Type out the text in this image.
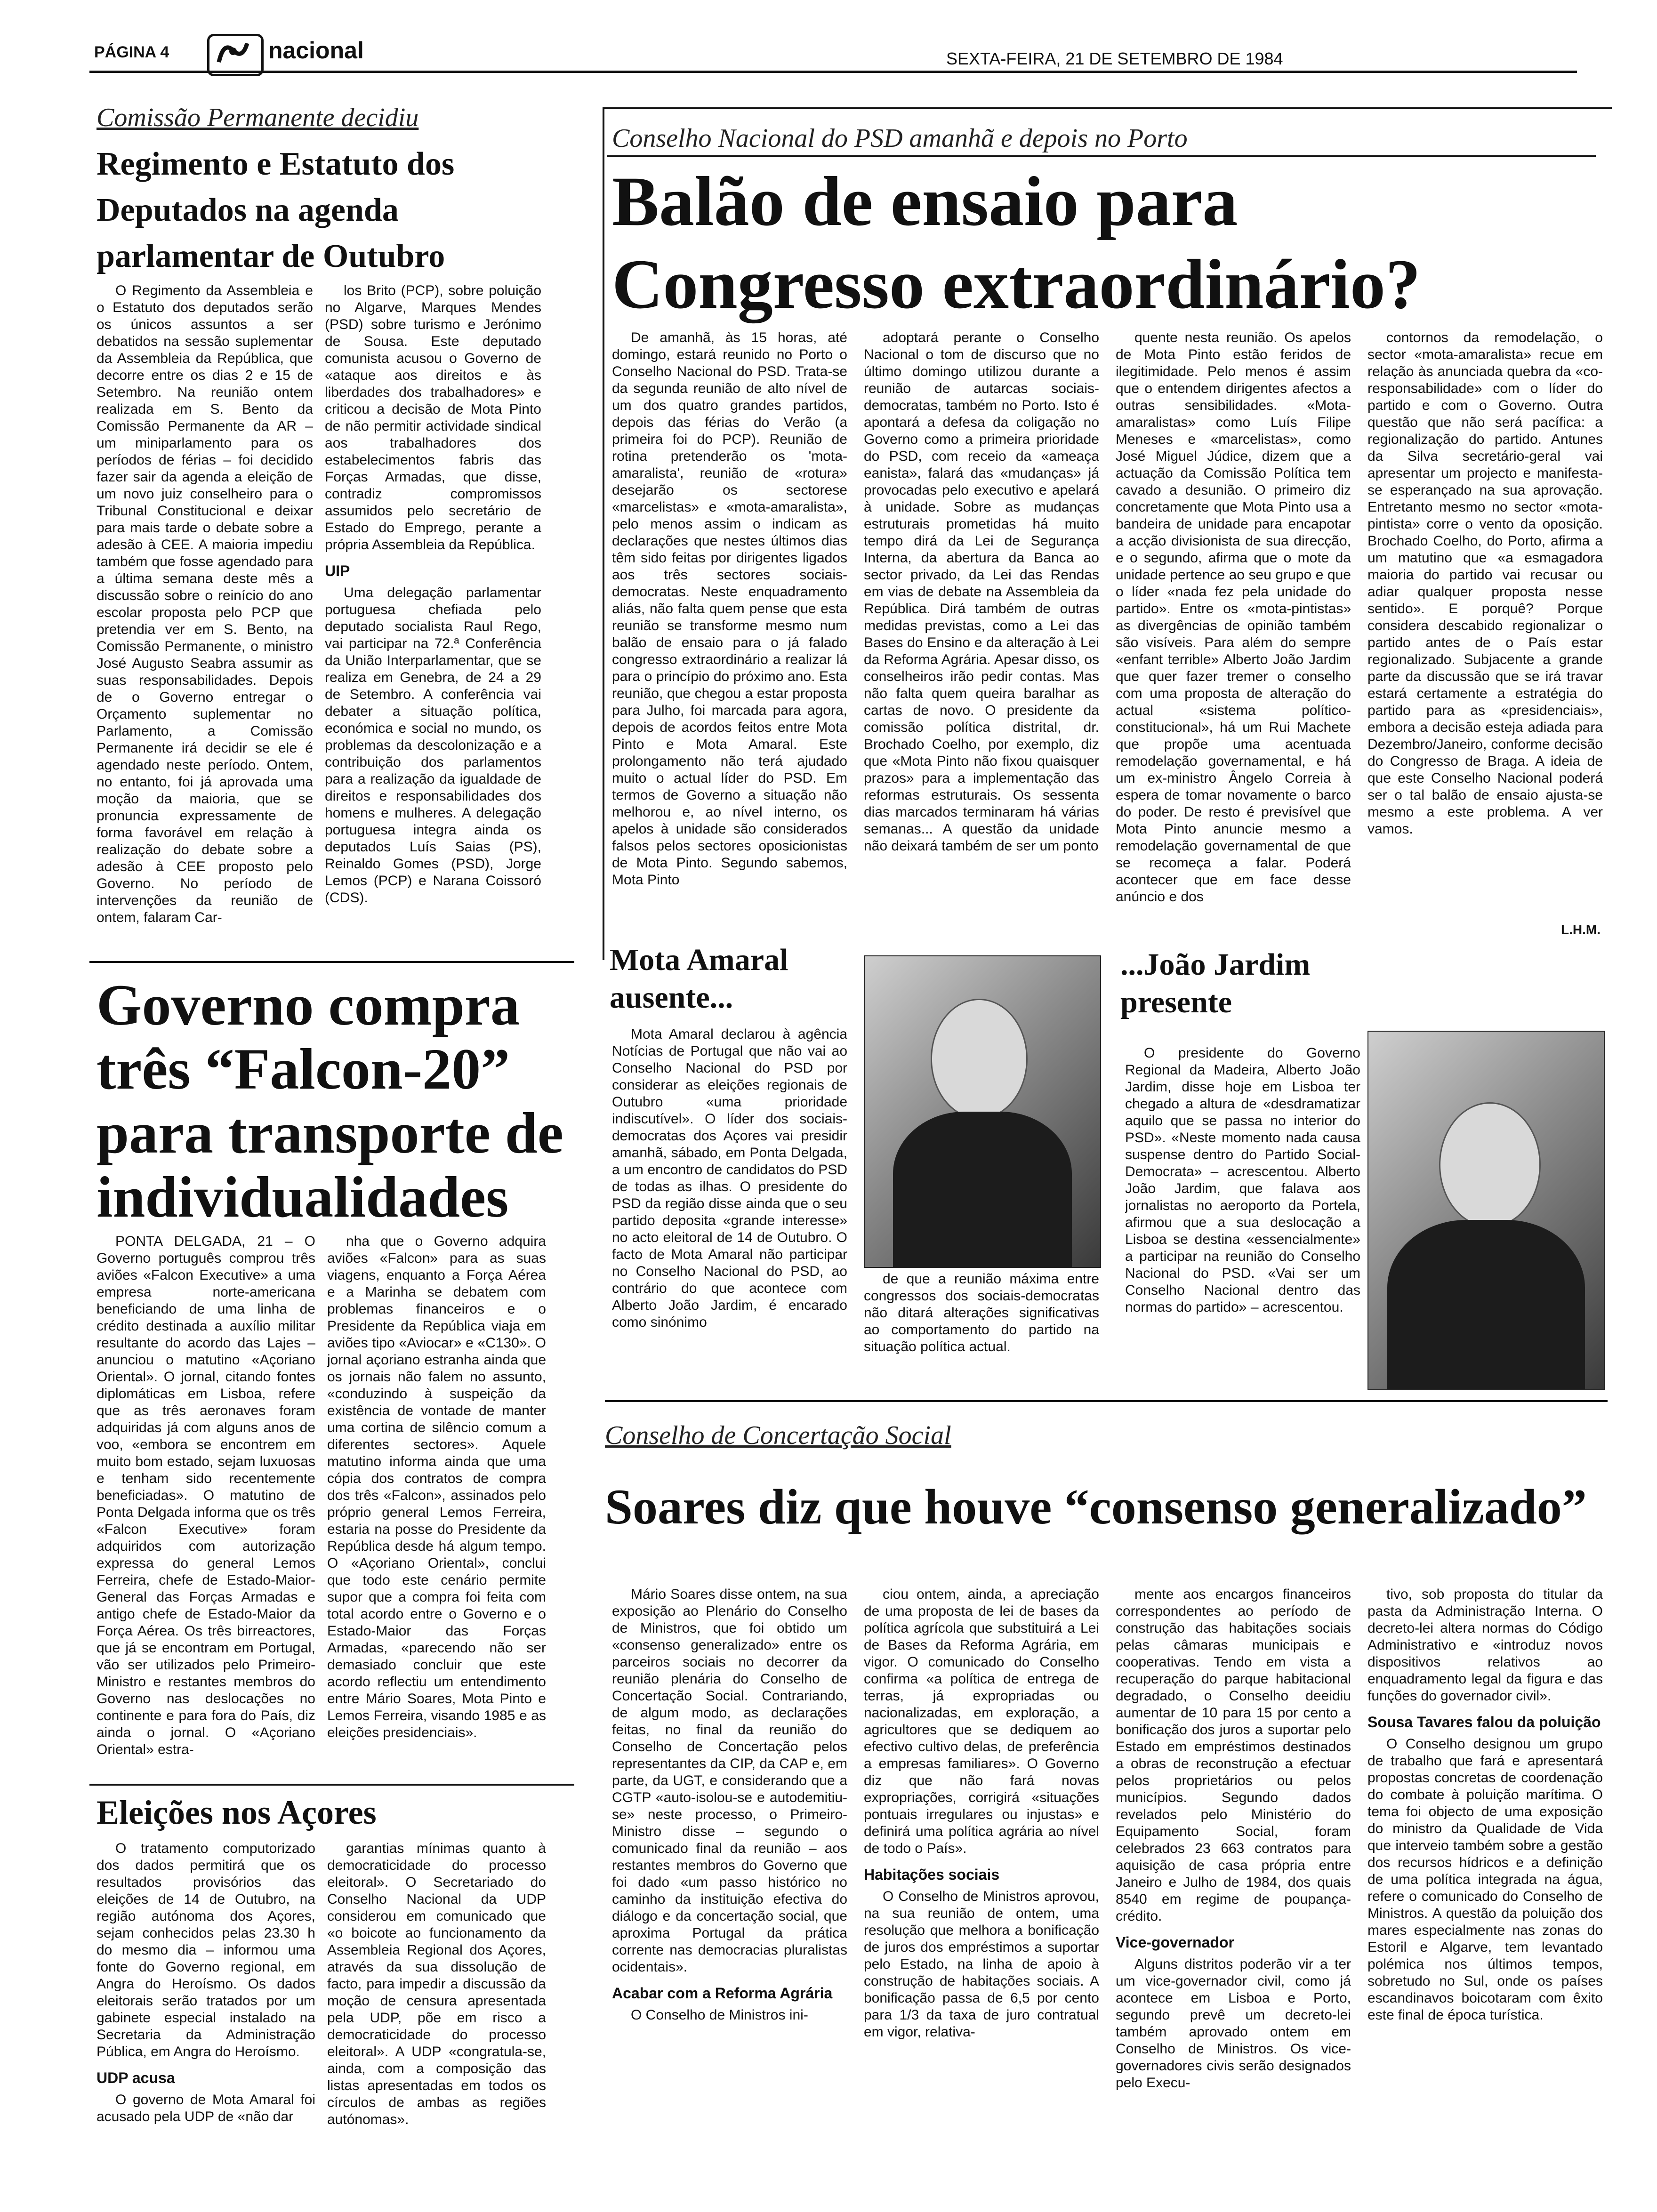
PÁGINA 4	nacional	SEXTA-FEIRA, 21 DE SETEMBRO DE 1984
Comissão Permanente decidiu
Regimento e Estatuto dos Deputados na agenda parlamentar de Outubro

O Regimento da Assembleia e o Estatuto dos deputados serão os únicos assuntos a ser debatidos na sessão suplementar da Assembleia da República, que decorre entre os dias 2 e 15 de Setembro. Na reunião ontem realizada em S. Bento da Comissão Permanente da AR – um miniparlamento para os períodos de férias – foi decidido fazer sair da agenda a eleição de um novo juiz conselheiro para o Tribunal Constitucional e deixar para mais tarde o debate sobre a adesão à CEE. A maioria impediu também que fosse agendado para a última semana deste mês a discussão sobre o reinício do ano escolar proposta pelo PCP que pretendia ver em S. Bento, na Comissão Permanente, o ministro José Augusto Seabra assumir as suas responsabilidades. Depois de o Governo entregar o Orçamento suplementar no Parlamento, a Comissão Permanente irá decidir se ele é agendado neste período. Ontem, no entanto, foi já aprovada uma moção da maioria, que se pronuncia expressamente de forma favorável em relação à realização do debate sobre a adesão à CEE proposto pelo Governo. No período de intervenções da reunião de ontem, falaram Car-

los Brito (PCP), sobre poluição no Algarve, Marques Mendes (PSD) sobre turismo e Jerónimo de Sousa. Este deputado comunista acusou o Governo de «ataque aos direitos e às liberdades dos trabalhadores» e criticou a decisão de Mota Pinto de não permitir actividade sindical aos trabalhadores dos estabelecimentos fabris das Forças Armadas, que disse, contradiz compromissos assumidos pelo secretário de Estado do Emprego, perante a própria Assembleia da República.

UIP

Uma delegação parlamentar portuguesa chefiada pelo deputado socialista Raul Rego, vai participar na 72.ª Conferência da União Interparlamentar, que se realiza em Genebra, de 24 a 29 de Setembro. A conferência vai debater a situação política, económica e social no mundo, os problemas da descolonização e a contribuição dos parlamentos para a realização da igualdade de direitos e responsabilidades dos homens e mulheres. A delegação portuguesa integra ainda os deputados Luís Saias (PS), Reinaldo Gomes (PSD), Jorge Lemos (PCP) e Narana Coissoró (CDS).

Conselho Nacional do PSD amanhã e depois no Porto
Balão de ensaio para Congresso extraordinário?

De amanhã, às 15 horas, até domingo, estará reunido no Porto o Conselho Nacional do PSD. Trata-se da segunda reunião de alto nível de um dos quatro grandes partidos, depois das férias do Verão (a primeira foi do PCP). Reunião de rotina pretenderão os 'mota-amaralista', reunião de «rotura» desejarão os sectorese «marcelistas» e «mota-amaralista», pelo menos assim o indicam as declarações que nestes últimos dias têm sido feitas por dirigentes ligados aos três sectores sociais-democratas. Neste enquadramento aliás, não falta quem pense que esta reunião se transforme mesmo num balão de ensaio para o já falado congresso extraordinário a realizar lá para o princípio do próximo ano. Esta reunião, que chegou a estar proposta para Julho, foi marcada para agora, depois de acordos feitos entre Mota Pinto e Mota Amaral. Este prolongamento não terá ajudado muito o actual líder do PSD. Em termos de Governo a situação não melhorou e, ao nível interno, os apelos à unidade são considerados falsos pelos sectores oposicionistas de Mota Pinto. Segundo sabemos, Mota Pinto

adoptará perante o Conselho Nacional o tom de discurso que no último domingo utilizou durante a reunião de autarcas sociais-democratas, também no Porto. Isto é apontará a defesa da coligação no Governo como a primeira prioridade do PSD, com receio da «ameaça eanista», falará das «mudanças» já provocadas pelo executivo e apelará à unidade. Sobre as mudanças estruturais prometidas há muito tempo dirá da Lei de Segurança Interna, da abertura da Banca ao sector privado, da Lei das Rendas em vias de debate na Assembleia da República. Dirá também de outras medidas previstas, como a Lei das Bases do Ensino e da alteração à Lei da Reforma Agrária. Apesar disso, os conselheiros irão pedir contas. Mas não falta quem queira baralhar as cartas de novo. O presidente da comissão política distrital, dr. Brochado Coelho, por exemplo, diz que «Mota Pinto não fixou quaisquer prazos» para a implementação das reformas estruturais. Os sessenta dias marcados terminaram há várias semanas... A questão da unidade não deixará também de ser um ponto

quente nesta reunião. Os apelos de Mota Pinto estão feridos de ilegitimidade. Pelo menos é assim que o entendem dirigentes afectos a outras sensibilidades. «Mota-amaralistas» como Luís Filipe Meneses e «marcelistas», como José Miguel Júdice, dizem que a actuação da Comissão Política tem cavado a desunião. O primeiro diz concretamente que Mota Pinto usa a bandeira de unidade para encapotar a acção divisionista de sua direcção, e o segundo, afirma que o mote da unidade pertence ao seu grupo e que o líder «nada fez pela unidade do partido». Entre os «mota-pintistas» as divergências de opinião também são visíveis. Para além do sempre «enfant terrible» Alberto João Jardim que quer fazer tremer o conselho com uma proposta de alteração do actual «sistema político-constitucional», há um Rui Machete que propõe uma acentuada remodelação governamental, e há um ex-ministro Ângelo Correia à espera de tomar novamente o barco do poder. De resto é previsível que Mota Pinto anuncie mesmo a remodelação governamental de que se recomeça a falar. Poderá acontecer que em face desse anúncio e dos

contornos da remodelação, o sector «mota-amaralista» recue em relação às anunciada quebra da «co-responsabilidade» com o líder do partido e com o Governo. Outra questão que não será pacífica: a regionalização do partido. Antunes da Silva secretário-geral vai apresentar um projecto e manifesta-se esperançado na sua aprovação. Entretanto mesmo no sector «mota-pintista» corre o vento da oposição. Brochado Coelho, do Porto, afirma a um matutino que «a esmagadora maioria do partido vai recusar ou adiar qualquer proposta nesse sentido». E porquê? Porque considera descabido regionalizar o partido antes de o País estar regionalizado. Subjacente a grande parte da discussão que se irá travar estará certamente a estratégia do partido para as «presidenciais», embora a decisão esteja adiada para Dezembro/Janeiro, conforme decisão do Congresso de Braga. A ideia de que este Conselho Nacional poderá ser o tal balão de ensaio ajusta-se mesmo a este problema. A ver vamos.

L.H.M.
Mota Amaral ausente...

Mota Amaral declarou à agência Notícias de Portugal que não vai ao Conselho Nacional do PSD por considerar as eleições regionais de Outubro «uma prioridade indiscutível». O líder dos sociais-democratas dos Açores vai presidir amanhã, sábado, em Ponta Delgada, a um encontro de candidatos do PSD de todas as ilhas. O presidente do PSD da região disse ainda que o seu partido deposita «grande interesse» no acto eleitoral de 14 de Outubro. O facto de Mota Amaral não participar no Conselho Nacional do PSD, ao contrário do que acontece com Alberto João Jardim, é encarado como sinónimo

de que a reunião máxima entre congressos dos sociais-democratas não ditará alterações significativas ao comportamento do partido na situação política actual.

...João Jardim presente

O presidente do Governo Regional da Madeira, Alberto João Jardim, disse hoje em Lisboa ter chegado a altura de «desdramatizar aquilo que se passa no interior do PSD». «Neste momento nada causa suspense dentro do Partido Social-Democrata» – acrescentou. Alberto João Jardim, que falava aos jornalistas no aeroporto da Portela, afirmou que a sua deslocação a Lisboa se destina «essencialmente» a participar na reunião do Conselho Nacional do PSD. «Vai ser um Conselho Nacional dentro das normas do partido» – acrescentou.

Governo compra três “Falcon-20” para transporte de individualidades

PONTA DELGADA, 21 – O Governo português comprou três aviões «Falcon Executive» a uma empresa norte-americana beneficiando de uma linha de crédito destinada a auxílio militar resultante do acordo das Lajes – anunciou o matutino «Açoriano Oriental». O jornal, citando fontes diplomáticas em Lisboa, refere que as três aeronaves foram adquiridas já com alguns anos de voo, «embora se encontrem em muito bom estado, sejam luxuosas e tenham sido recentemente beneficiadas». O matutino de Ponta Delgada informa que os três «Falcon Executive» foram adquiridos com autorização expressa do general Lemos Ferreira, chefe de Estado-Maior-General das Forças Armadas e antigo chefe de Estado-Maior da Força Aérea. Os três birreactores, que já se encontram em Portugal, vão ser utilizados pelo Primeiro-Ministro e restantes membros do Governo nas deslocações no continente e para fora do País, diz ainda o jornal. O «Açoriano Oriental» estra-

nha que o Governo adquira aviões «Falcon» para as suas viagens, enquanto a Força Aérea e a Marinha se debatem com problemas financeiros e o Presidente da República viaja em aviões tipo «Aviocar» e «C130». O jornal açoriano estranha ainda que os jornais não falem no assunto, «conduzindo à suspeição da existência de vontade de manter uma cortina de silêncio comum a diferentes sectores». Aquele matutino informa ainda que uma cópia dos contratos de compra dos três «Falcon», assinados pelo próprio general Lemos Ferreira, estaria na posse do Presidente da República desde há algum tempo. O «Açoriano Oriental», conclui que todo este cenário permite supor que a compra foi feita com total acordo entre o Governo e o Estado-Maior das Forças Armadas, «parecendo não ser demasiado concluir que este acordo reflectiu um entendimento entre Mário Soares, Mota Pinto e Lemos Ferreira, visando 1985 e as eleições presidenciais».

Eleições nos Açores

O tratamento computorizado dos dados permitirá que os resultados provisórios das eleições de 14 de Outubro, na região autónoma dos Açores, sejam conhecidos pelas 23.30 h do mesmo dia – informou uma fonte do Governo regional, em Angra do Heroísmo. Os dados eleitorais serão tratados por um gabinete especial instalado na Secretaria da Administração Pública, em Angra do Heroísmo.

UDP acusa

O governo de Mota Amaral foi acusado pela UDP de «não dar

garantias mínimas quanto à democraticidade do processo eleitoral». O Secretariado do Conselho Nacional da UDP considerou em comunicado que «o boicote ao funcionamento da Assembleia Regional dos Açores, através da sua dissolução de facto, para impedir a discussão da moção de censura apresentada pela UDP, põe em risco a democraticidade do processo eleitoral». A UDP «congratula-se, ainda, com a composição das listas apresentadas em todos os círculos de ambas as regiões autónomas».

Conselho de Concertação Social
Soares diz que houve “consenso generalizado”

Mário Soares disse ontem, na sua exposição ao Plenário do Conselho de Ministros, que foi obtido um «consenso generalizado» entre os parceiros sociais no decorrer da reunião plenária do Conselho de Concertação Social. Contrariando, de algum modo, as declarações feitas, no final da reunião do Conselho de Concertação pelos representantes da CIP, da CAP e, em parte, da UGT, e considerando que a CGTP «auto-isolou-se e autodemitiu-se» neste processo, o Primeiro-Ministro disse – segundo o comunicado final da reunião – aos restantes membros do Governo que foi dado «um passo histórico no caminho da instituição efectiva do diálogo e da concertação social, que aproxima Portugal da prática corrente nas democracias pluralistas ocidentais».

Acabar com a Reforma Agrária

O Conselho de Ministros ini-

ciou ontem, ainda, a apreciação de uma proposta de lei de bases da política agrícola que substituirá a Lei de Bases da Reforma Agrária, em vigor. O comunicado do Conselho confirma «a política de entrega de terras, já expropriadas ou nacionalizadas, em exploração, a agricultores que se dediquem ao efectivo cultivo delas, de preferência a empresas familiares». O Governo diz que não fará novas expropriações, corrigirá «situações pontuais irregulares ou injustas» e definirá uma política agrária ao nível de todo o País».

Habitações sociais

O Conselho de Ministros aprovou, na sua reunião de ontem, uma resolução que melhora a bonificação de juros dos empréstimos a suportar pelo Estado, na linha de apoio à construção de habitações sociais. A bonificação passa de 6,5 por cento para 1/3 da taxa de juro contratual em vigor, relativa-

mente aos encargos financeiros correspondentes ao período de construção das habitações sociais pelas câmaras municipais e cooperativas. Tendo em vista a recuperação do parque habitacional degradado, o Conselho deeidiu aumentar de 10 para 15 por cento a bonificação dos juros a suportar pelo Estado em empréstimos destinados a obras de reconstrução a efectuar pelos proprietários ou pelos municípios. Segundo dados revelados pelo Ministério do Equipamento Social, foram celebrados 23 663 contratos para aquisição de casa própria entre Janeiro e Julho de 1984, dos quais 8540 em regime de poupança-crédito.

Vice-governador

Alguns distritos poderão vir a ter um vice-governador civil, como já acontece em Lisboa e Porto, segundo prevê um decreto-lei também aprovado ontem em Conselho de Ministros. Os vice-governadores civis serão designados pelo Execu-

tivo, sob proposta do titular da pasta da Administração Interna. O decreto-lei altera normas do Código Administrativo e «introduz novos dispositivos relativos ao enquadramento legal da figura e das funções do governador civil».

Sousa Tavares falou da poluição

O Conselho designou um grupo de trabalho que fará e apresentará propostas concretas de coordenação do combate à poluição marítima. O tema foi objecto de uma exposição do ministro da Qualidade de Vida que interveio também sobre a gestão dos recursos hídricos e a definição de uma política integrada na água, refere o comunicado do Conselho de Ministros. A questão da poluição dos mares especialmente nas zonas do Estoril e Algarve, tem levantado polémica nos últimos tempos, sobretudo no Sul, onde os países escandinavos boicotaram com êxito este final de época turística.
